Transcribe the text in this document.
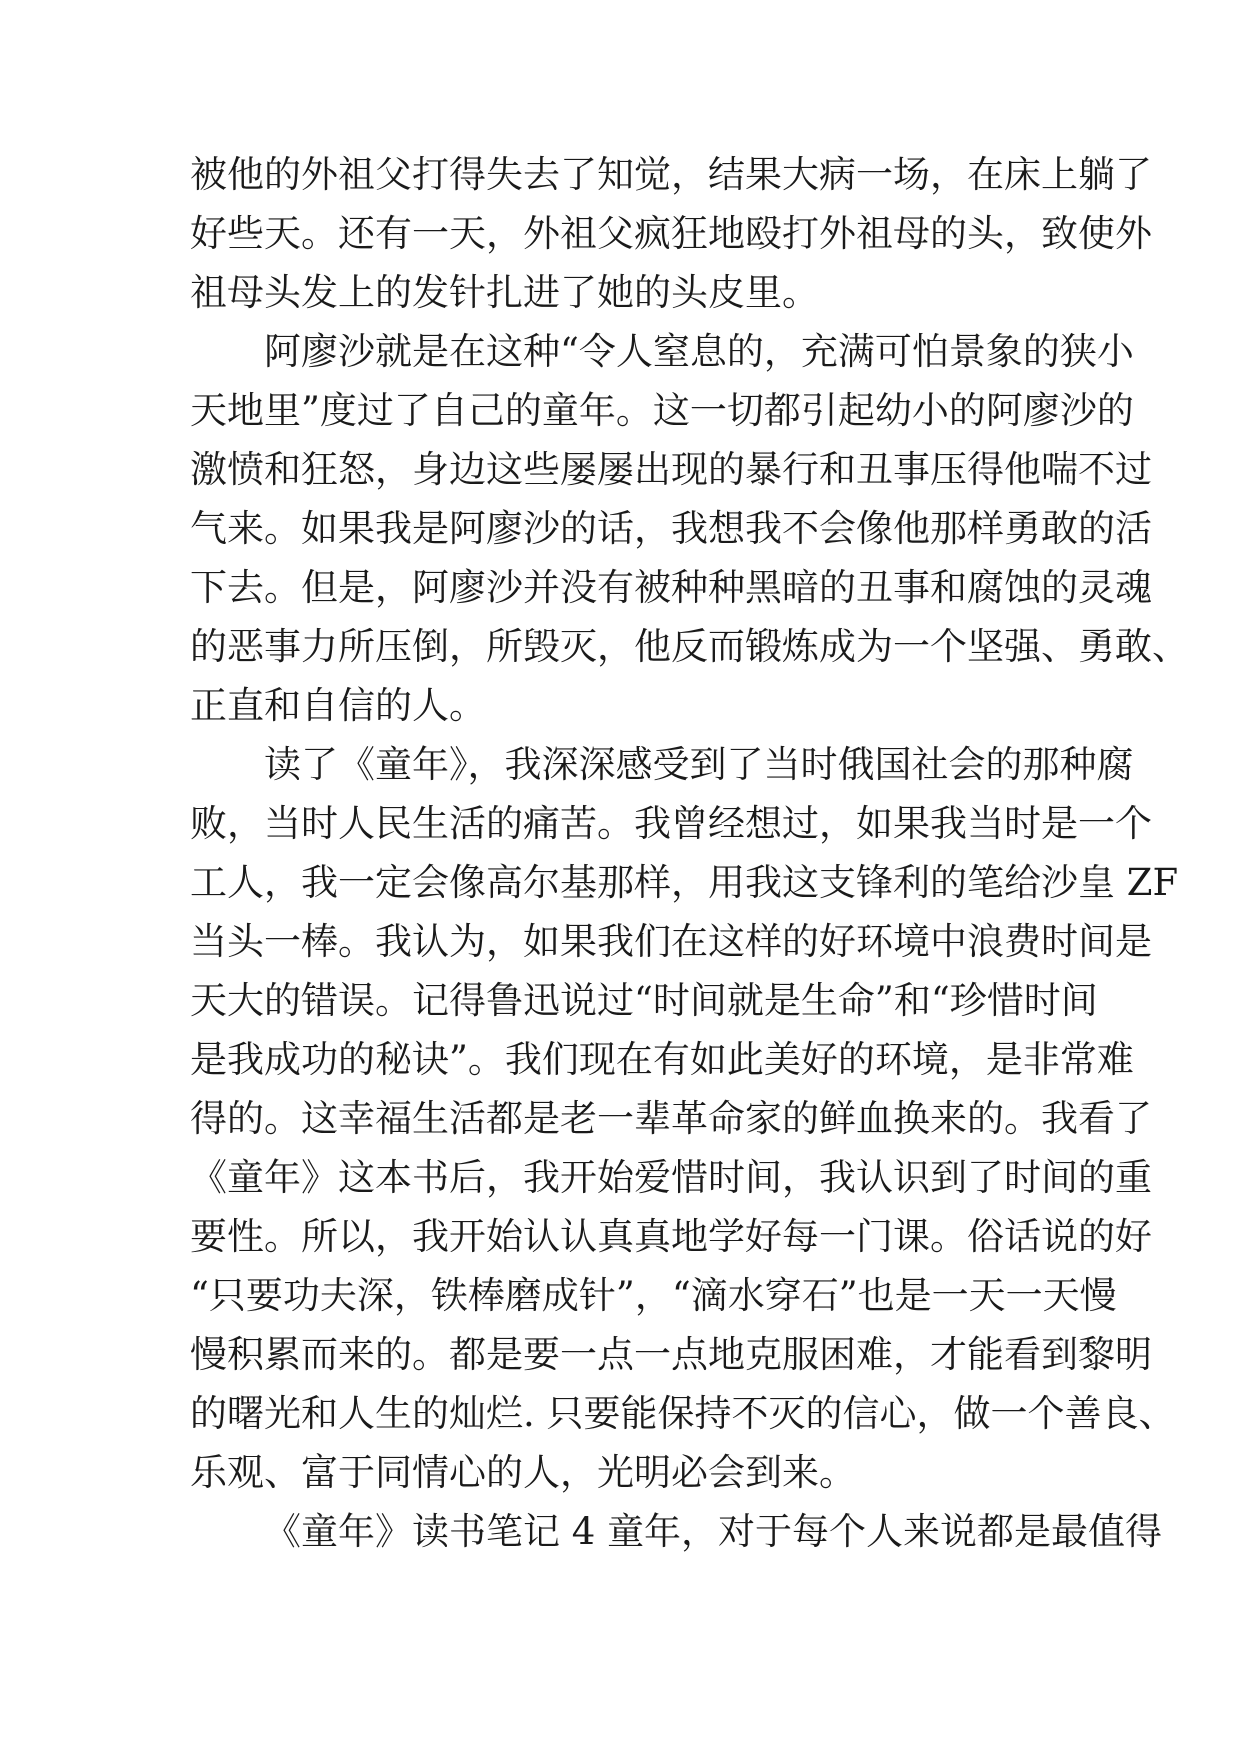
被他的外祖父打得失去了知觉，结果大病一场，在床上躺了
好些天。还有一天，外祖父疯狂地殴打外祖母的头，致使外
祖母头发上的发针扎进了她的头皮里。
阿廖沙就是在这种“令人窒息的，充满可怕景象的狭小
天地里”度过了自己的童年。这一切都引起幼小的阿廖沙的
激愤和狂怒，身边这些屡屡出现的暴行和丑事压得他喘不过
气来。如果我是阿廖沙的话，我想我不会像他那样勇敢的活
下去。但是，阿廖沙并没有被种种黑暗的丑事和腐蚀的灵魂
的恶事力所压倒，所毁灭，他反而锻炼成为一个坚强、勇敢、
正直和自信的人。
读了《童年》，我深深感受到了当时俄国社会的那种腐
败，当时人民生活的痛苦。我曾经想过，如果我当时是一个
工人，我一定会像高尔基那样，用我这支锋利的笔给沙皇 ZF
当头一棒。我认为，如果我们在这样的好环境中浪费时间是
天大的错误。记得鲁迅说过“时间就是生命”和“珍惜时间
是我成功的秘诀”。我们现在有如此美好的环境，是非常难
得的。这幸福生活都是老一辈革命家的鲜血换来的。我看了
《童年》这本书后，我开始爱惜时间，我认识到了时间的重
要性。所以，我开始认认真真地学好每一门课。俗话说的好
“只要功夫深，铁棒磨成针”，“滴水穿石”也是一天一天慢
慢积累而来的。都是要一点一点地克服困难，才能看到黎明
的曙光和人生的灿烂. 只要能保持不灭的信心，做一个善良、
乐观、富于同情心的人，光明必会到来。
《童年》读书笔记 4 童年，对于每个人来说都是最值得
